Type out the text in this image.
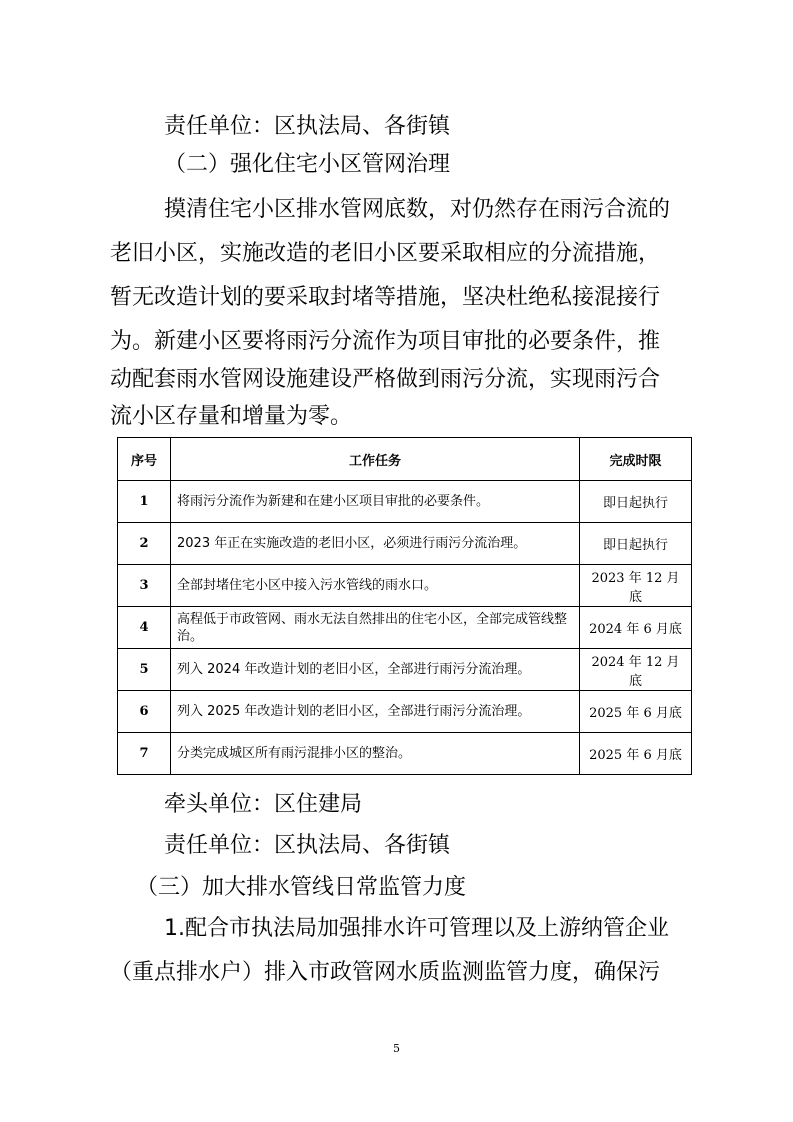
责任单位：区执法局、各街镇
（二）强化住宅小区管网治理
摸清住宅小区排水管网底数，对仍然存在雨污合流的
老旧小区，实施改造的老旧小区要采取相应的分流措施，
暂无改造计划的要采取封堵等措施，坚决杜绝私接混接行
为。新建小区要将雨污分流作为项目审批的必要条件，推
动配套雨水管网设施建设严格做到雨污分流，实现雨污合
流小区存量和增量为零。
序号	工作任务	完成时限
1	将雨污分流作为新建和在建小区项目审批的必要条件。	即日起执行
2	2023 年正在实施改造的老旧小区，必须进行雨污分流治理。	即日起执行
3	全部封堵住宅小区中接入污水管线的雨水口。	2023 年 12 月底
4	高程低于市政管网、雨水无法自然排出的住宅小区，全部完成管线整治。	2024 年 6 月底
5	列入 2024 年改造计划的老旧小区，全部进行雨污分流治理。	2024 年 12 月底
6	列入 2025 年改造计划的老旧小区，全部进行雨污分流治理。	2025 年 6 月底
7	分类完成城区所有雨污混排小区的整治。	2025 年 6 月底
牵头单位：区住建局
责任单位：区执法局、各街镇
（三）加大排水管线日常监管力度
1.配合市执法局加强排水许可管理以及上游纳管企业
（重点排水户）排入市政管网水质监测监管力度，确保污
5
